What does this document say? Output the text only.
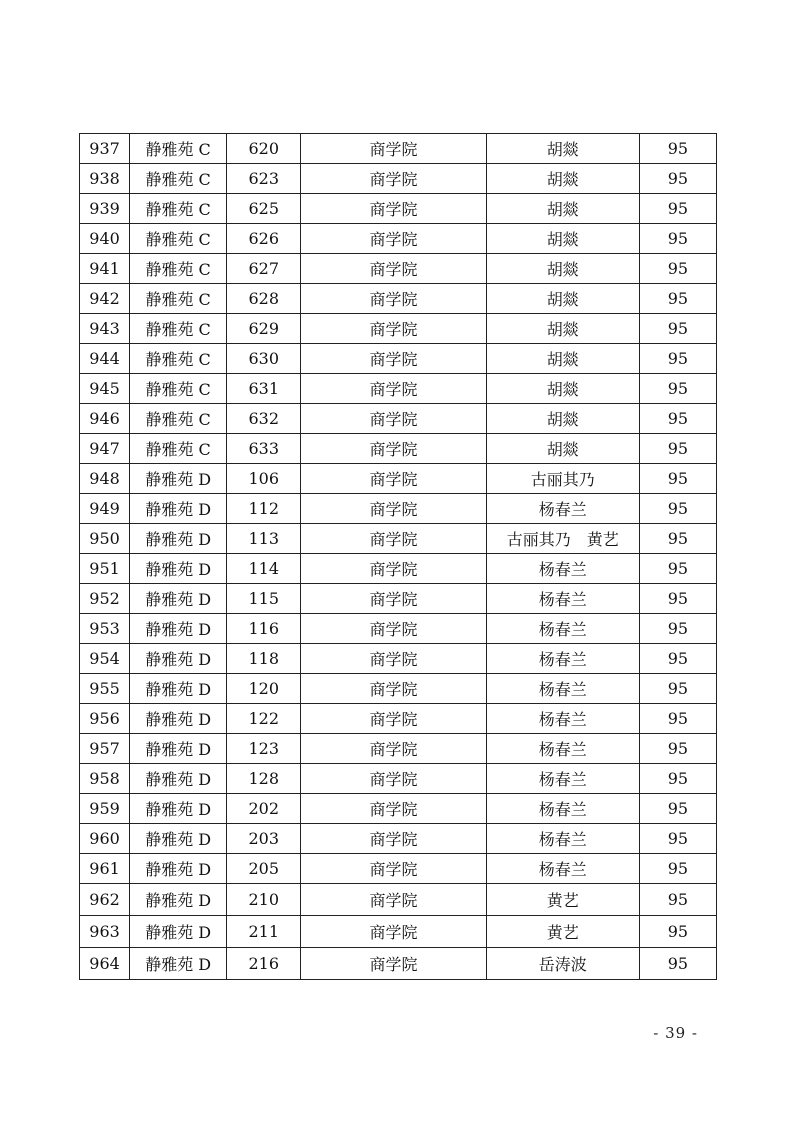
937	静雅苑 C	620	商学院	胡燚	95
938	静雅苑 C	623	商学院	胡燚	95
939	静雅苑 C	625	商学院	胡燚	95
940	静雅苑 C	626	商学院	胡燚	95
941	静雅苑 C	627	商学院	胡燚	95
942	静雅苑 C	628	商学院	胡燚	95
943	静雅苑 C	629	商学院	胡燚	95
944	静雅苑 C	630	商学院	胡燚	95
945	静雅苑 C	631	商学院	胡燚	95
946	静雅苑 C	632	商学院	胡燚	95
947	静雅苑 C	633	商学院	胡燚	95
948	静雅苑 D	106	商学院	古丽其乃	95
949	静雅苑 D	112	商学院	杨春兰	95
950	静雅苑 D	113	商学院	古丽其乃　黄艺	95
951	静雅苑 D	114	商学院	杨春兰	95
952	静雅苑 D	115	商学院	杨春兰	95
953	静雅苑 D	116	商学院	杨春兰	95
954	静雅苑 D	118	商学院	杨春兰	95
955	静雅苑 D	120	商学院	杨春兰	95
956	静雅苑 D	122	商学院	杨春兰	95
957	静雅苑 D	123	商学院	杨春兰	95
958	静雅苑 D	128	商学院	杨春兰	95
959	静雅苑 D	202	商学院	杨春兰	95
960	静雅苑 D	203	商学院	杨春兰	95
961	静雅苑 D	205	商学院	杨春兰	95
962	静雅苑 D	210	商学院	黄艺	95
963	静雅苑 D	211	商学院	黄艺	95
964	静雅苑 D	216	商学院	岳涛波	95
- 39 -
